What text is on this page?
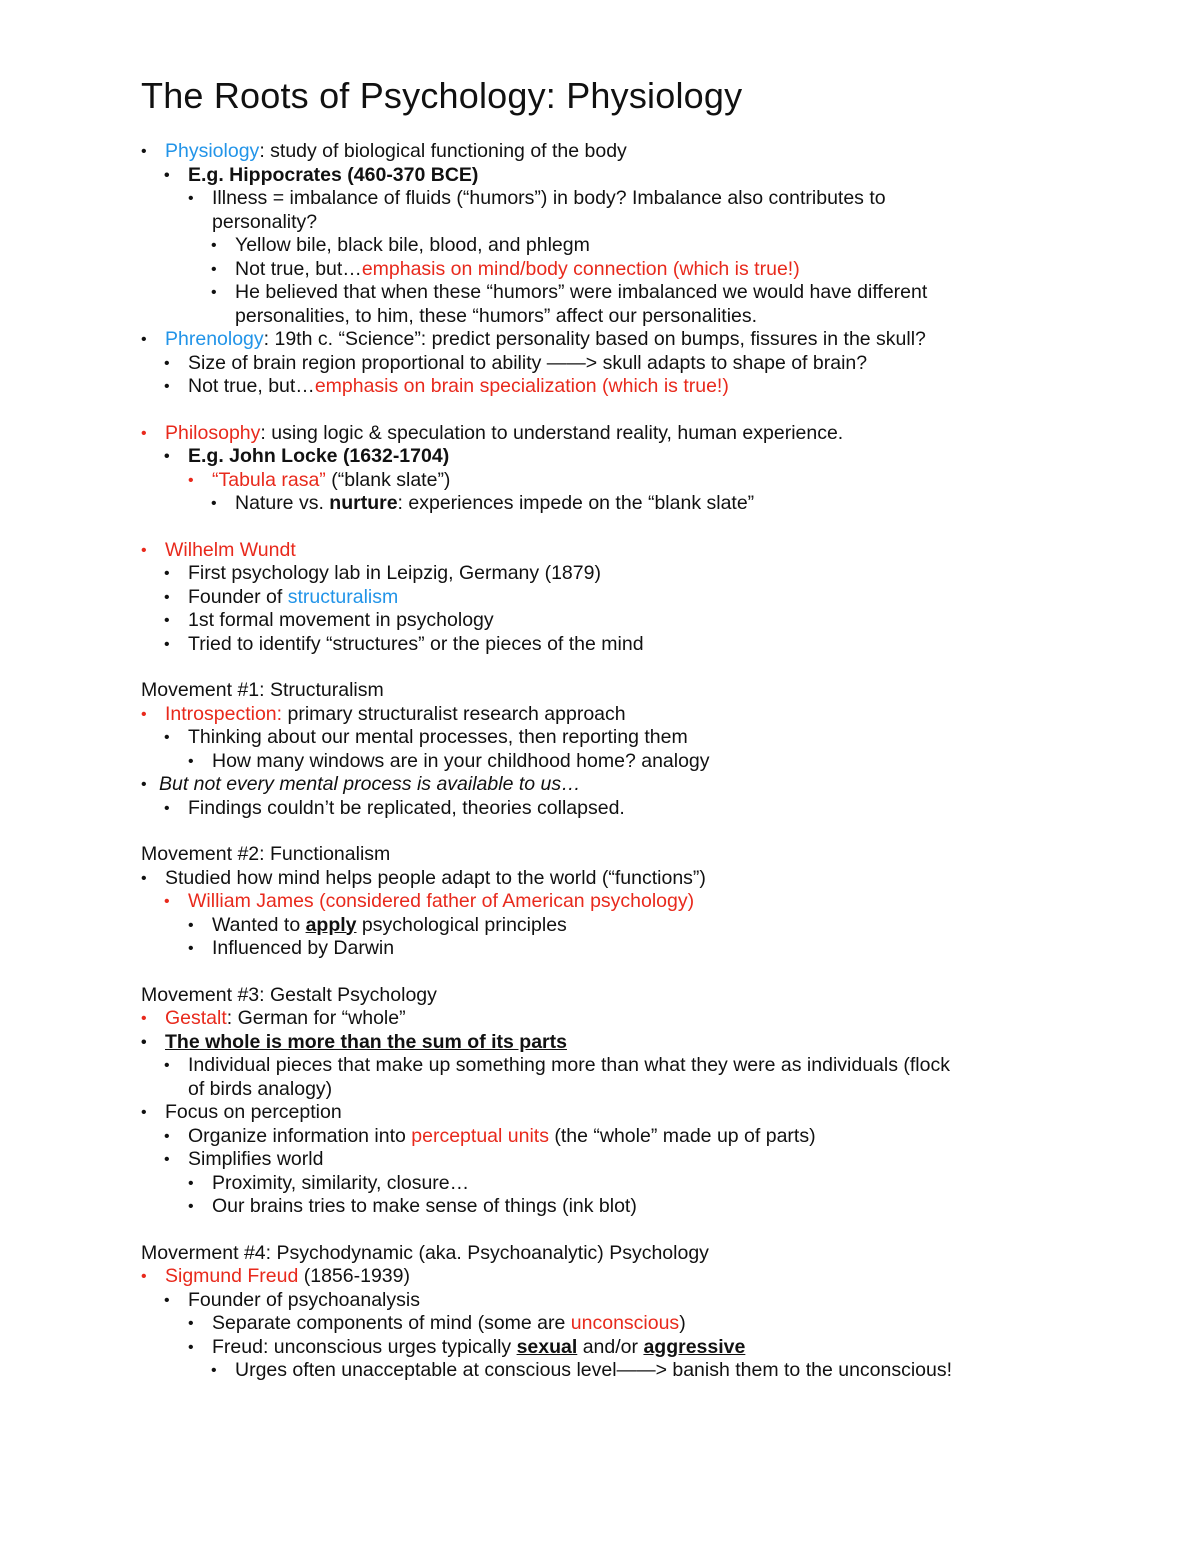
The Roots of Psychology: Physiology
• Physiology: study of biological functioning of the body
• E.g. Hippocrates (460-370 BCE)
• Illness = imbalance of fluids (“humors”) in body? Imbalance also contributes to
personality?
• Yellow bile, black bile, blood, and phlegm
• Not true, but…emphasis on mind/body connection (which is true!)
• He believed that when these “humors” were imbalanced we would have different
personalities, to him, these “humors” affect our personalities.
• Phrenology: 19th c. “Science”: predict personality based on bumps, fissures in the skull?
• Size of brain region proportional to ability ——> skull adapts to shape of brain?
• Not true, but…emphasis on brain specialization (which is true!)
• Philosophy: using logic & speculation to understand reality, human experience.
• E.g. John Locke (1632-1704)
• “Tabula rasa” (“blank slate”)
• Nature vs. nurture: experiences impede on the “blank slate”
• Wilhelm Wundt
• First psychology lab in Leipzig, Germany (1879)
• Founder of structuralism
• 1st formal movement in psychology
• Tried to identify “structures” or the pieces of the mind
Movement #1: Structuralism
• Introspection: primary structuralist research approach
• Thinking about our mental processes, then reporting them
• How many windows are in your childhood home? analogy
• But not every mental process is available to us…
• Findings couldn’t be replicated, theories collapsed.
Movement #2: Functionalism
• Studied how mind helps people adapt to the world (“functions”)
• William James (considered father of American psychology)
• Wanted to apply psychological principles
• Influenced by Darwin
Movement #3: Gestalt Psychology
• Gestalt: German for “whole”
• The whole is more than the sum of its parts
• Individual pieces that make up something more than what they were as individuals (flock
of birds analogy)
• Focus on perception
• Organize information into perceptual units (the “whole” made up of parts)
• Simplifies world
• Proximity, similarity, closure…
• Our brains tries to make sense of things (ink blot)
Moverment #4: Psychodynamic (aka. Psychoanalytic) Psychology
• Sigmund Freud (1856-1939)
• Founder of psychoanalysis
• Separate components of mind (some are unconscious)
• Freud: unconscious urges typically sexual and/or aggressive
• Urges often unacceptable at conscious level——> banish them to the unconscious!
